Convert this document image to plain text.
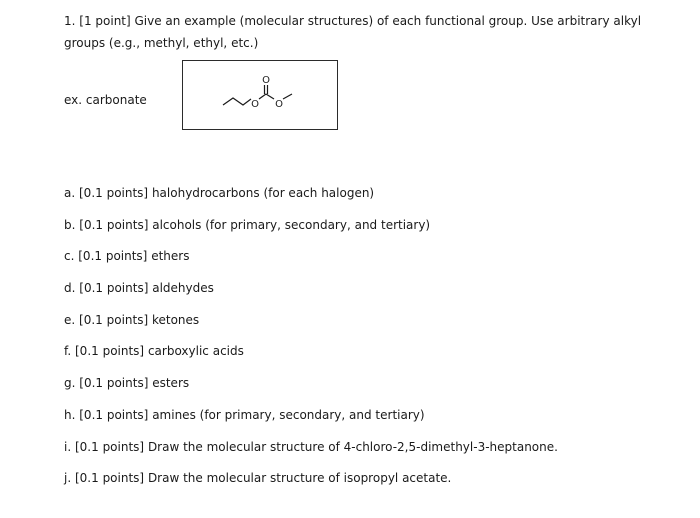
1. [1 point] Give an example (molecular structures) of each functional group. Use arbitrary alkyl groups (e.g., methyl, ethyl, etc.)
ex. carbonate
O
O O
a. [0.1 points] halohydrocarbons (for each halogen)
b. [0.1 points] alcohols (for primary, secondary, and tertiary)
c. [0.1 points] ethers
d. [0.1 points] aldehydes
e. [0.1 points] ketones
f. [0.1 points] carboxylic acids
g. [0.1 points] esters
h. [0.1 points] amines (for primary, secondary, and tertiary)
i. [0.1 points] Draw the molecular structure of 4-chloro-2,5-dimethyl-3-heptanone.
j. [0.1 points] Draw the molecular structure of isopropyl acetate.
